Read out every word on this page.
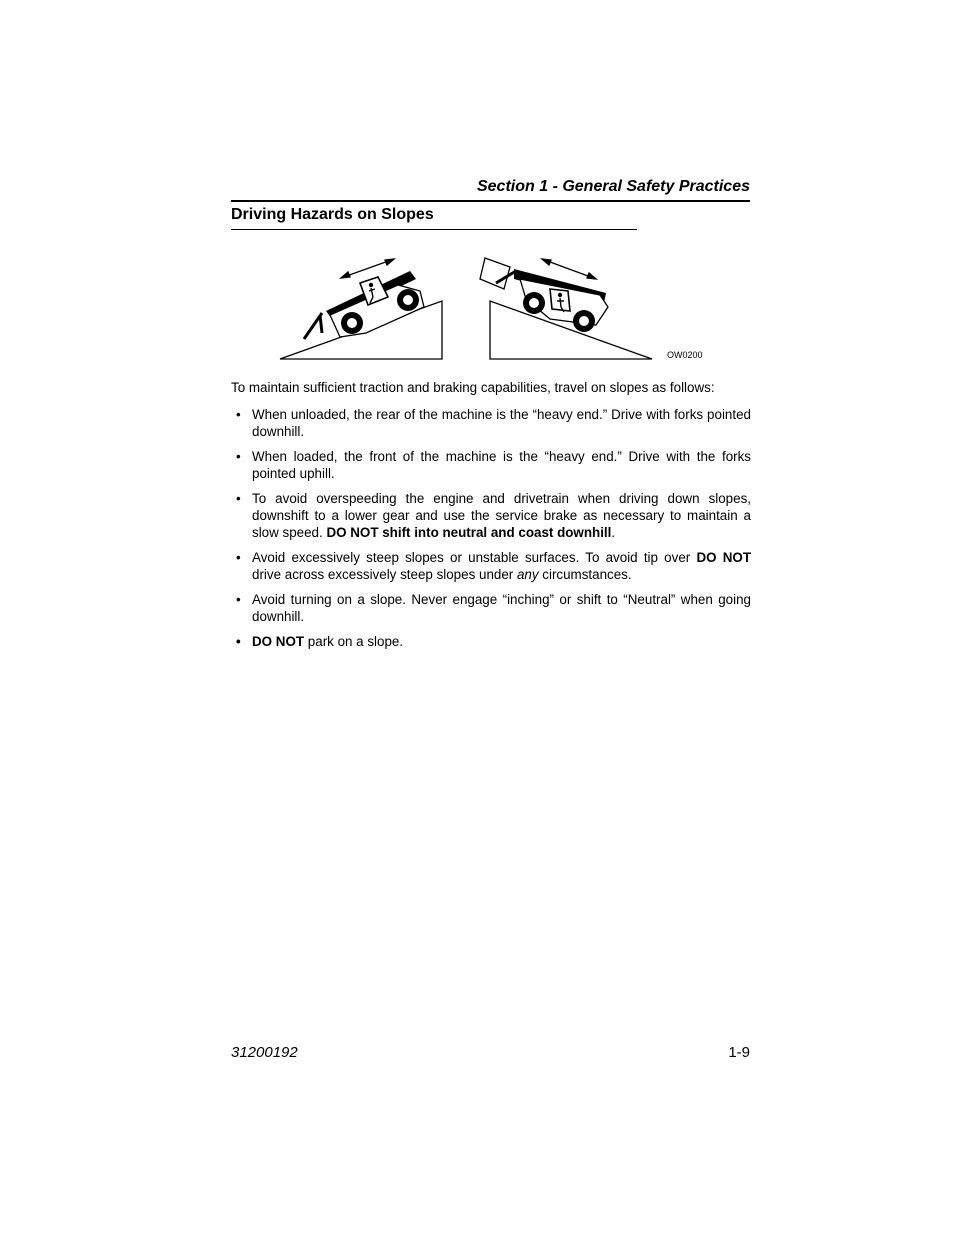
Section 1 - General Safety Practices
Driving Hazards on Slopes
OW0200
To maintain sufficient traction and braking capabilities, travel on slopes as follows:
• When unloaded, the rear of the machine is the “heavy end.” Drive with forks pointed downhill.
• When loaded, the front of the machine is the “heavy end.” Drive with the forks pointed uphill.
• To avoid overspeeding the engine and drivetrain when driving down slopes, downshift to a lower gear and use the service brake as necessary to maintain a slow speed. DO NOT shift into neutral and coast downhill.
• Avoid excessively steep slopes or unstable surfaces. To avoid tip over DO NOT drive across excessively steep slopes under any circumstances.
• Avoid turning on a slope. Never engage “inching” or shift to “Neutral” when going downhill.
• DO NOT park on a slope.
31200192	1-9
